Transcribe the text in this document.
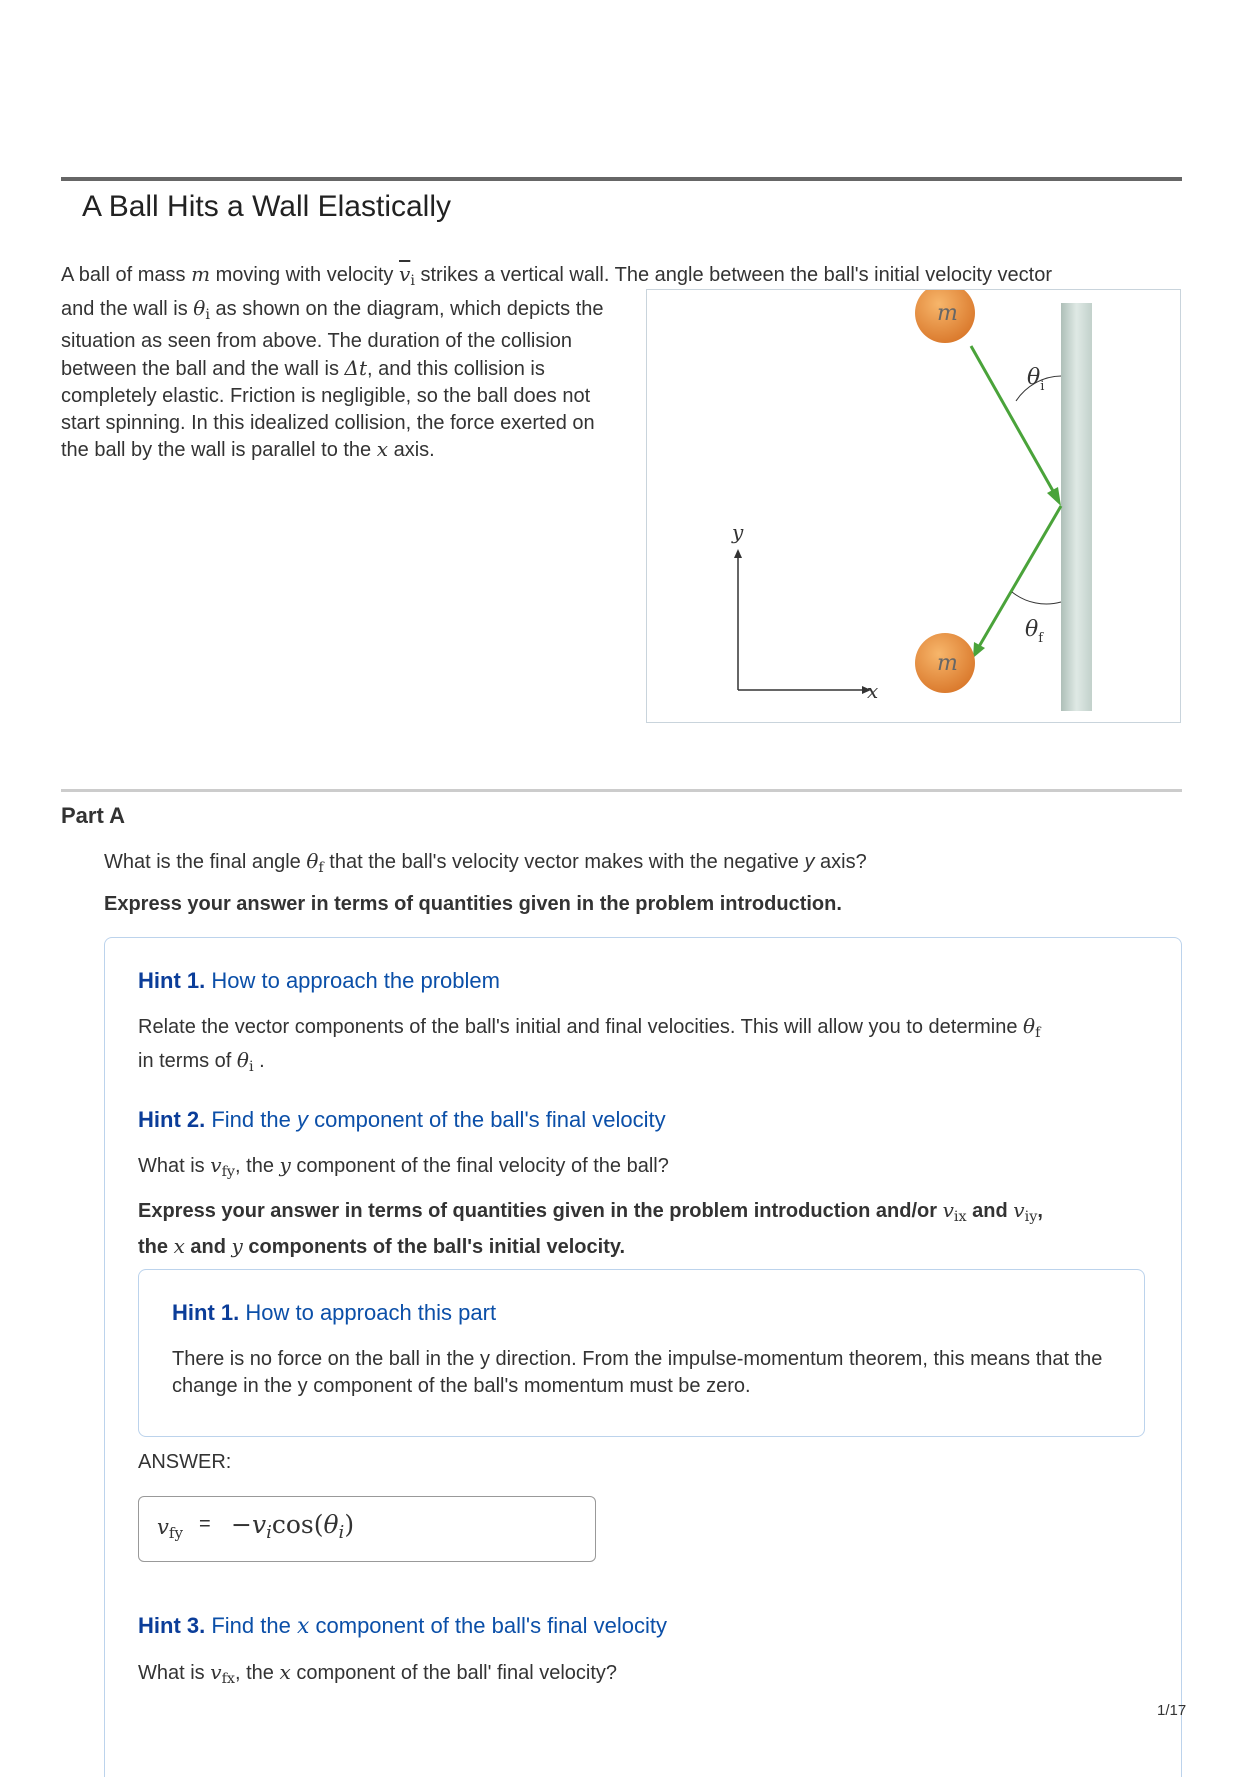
A Ball Hits a Wall Elastically
A ball of mass m moving with velocity $\overline{v}_i$ strikes a vertical wall. The angle between the ball's initial velocity vector
and the wall is $\theta_i$ as shown on the diagram, which depicts the situation as seen from above. The duration of the collision between the ball and the wall is Δt, and this collision is completely elastic. Friction is negligible, so the ball does not start spinning. In this idealized collision, the force exerted on the ball by the wall is parallel to the x axis.
m
m
$\theta_i$
$\theta_f$
y
x
Part A
What is the final angle $\theta_f$ that the ball's velocity vector makes with the negative y axis?
Express your answer in terms of quantities given in the problem introduction.
Hint 1. How to approach the problem
Relate the vector components of the ball's initial and final velocities. This will allow you to determine $\theta_f$
in terms of $\theta_i$ .
Hint 2. Find the y component of the ball's final velocity
What is $v_{fy}$, the y component of the final velocity of the ball?
Express your answer in terms of quantities given in the problem introduction and/or $v_{ix}$ and $v_{iy}$,
the x and y components of the ball's initial velocity.
Hint 1. How to approach this part
There is no force on the ball in the y direction. From the impulse-momentum theorem, this means that the change in the y component of the ball's momentum must be zero.
ANSWER:
$v_{fy} = -v_i\cos(\theta_i)$
Hint 3. Find the x component of the ball's final velocity
What is $v_{fx}$, the x component of the ball' final velocity?
1/17
